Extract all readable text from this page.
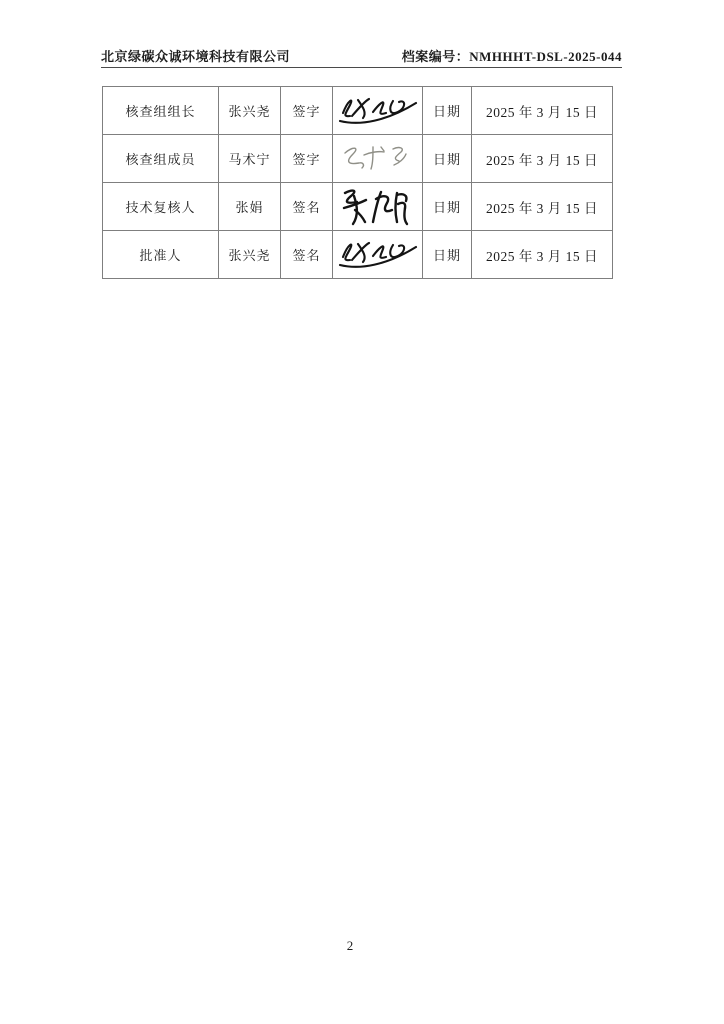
北京绿碳众诚环境科技有限公司	档案编号：NMHHHT-DSL-2025-044
核查组组长	张兴尧	签字		日期	2025 年 3 月 15 日
核查组成员	马术宁	签字		日期	2025 年 3 月 15 日
技术复核人	张娟	签名		日期	2025 年 3 月 15 日
批准人	张兴尧	签名		日期	2025 年 3 月 15 日
2
